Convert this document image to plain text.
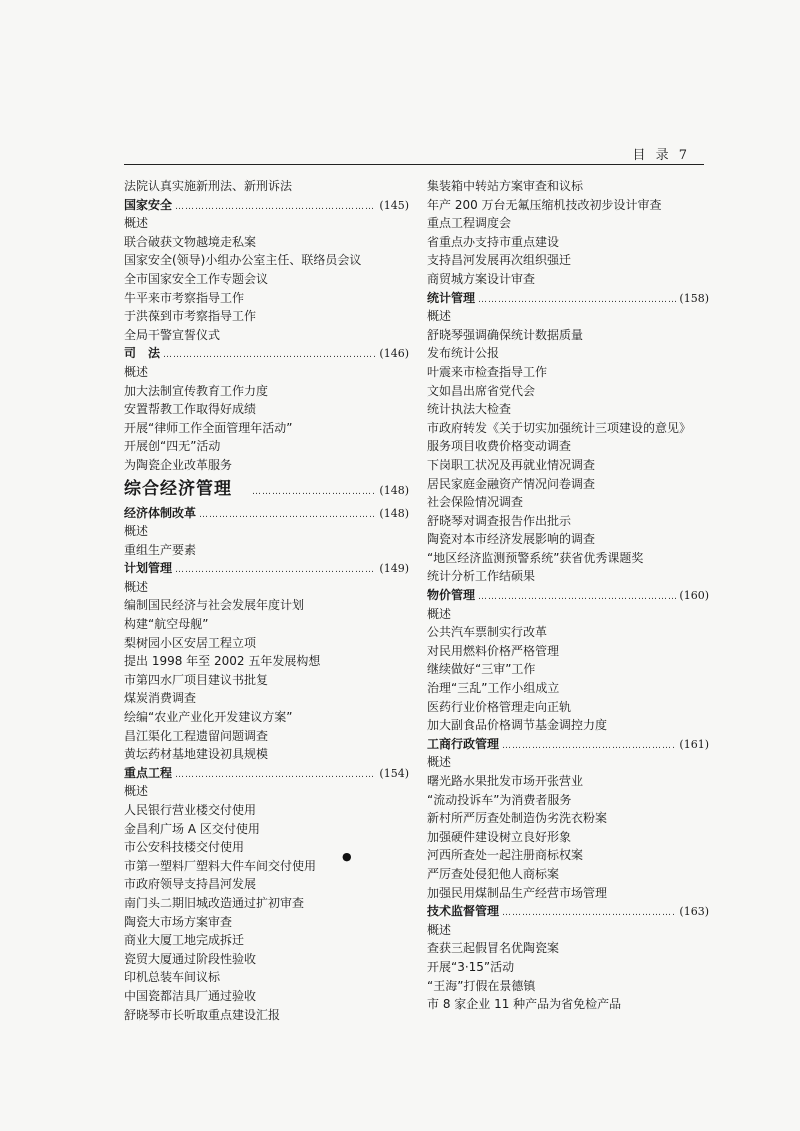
目 录 7
法院认真实施新刑法、新刑诉法
国家安全 …………………………………………………………………………………………………………………………	(145)
概述
联合破获文物越境走私案
国家安全(领导)小组办公室主任、联络员会议
全市国家安全工作专题会议
牛平来市考察指导工作
于洪葆到市考察指导工作
全局干警宣誓仪式
司　法 …………………………………………………………………………………………………………………………	(146)
概述
加大法制宣传教育工作力度
安置帮教工作取得好成绩
开展“律师工作全面管理年活动”
开展创“四无”活动
为陶瓷企业改革服务
综合经济管理 …………………………………………………………………………………………………………………………	(148)
经济体制改革 …………………………………………………………………………………………………………………………	(148)
概述
重组生产要素
计划管理 …………………………………………………………………………………………………………………………	(149)
概述
编制国民经济与社会发展年度计划
构建“航空母舰”
梨树园小区安居工程立项
提出 1998 年至 2002 五年发展构想
市第四水厂项目建议书批复
煤炭消费调查
绘编“农业产业化开发建议方案”
昌江渠化工程遗留问题调查
黄坛药材基地建设初具规模
重点工程 …………………………………………………………………………………………………………………………	(154)
概述
人民银行营业楼交付使用
金昌利广场 A 区交付使用
市公安科技楼交付使用
市第一塑料厂塑料大件车间交付使用
市政府领导支持昌河发展
南门头二期旧城改造通过扩初审查
陶瓷大市场方案审查
商业大厦工地完成拆迁
瓷贸大厦通过阶段性验收
印机总装车间议标
中国瓷都洁具厂通过验收
舒晓琴市长听取重点建设汇报
集装箱中转站方案审查和议标
年产 200 万台无氟压缩机技改初步设计审查
重点工程调度会
省重点办支持市重点建设
支持昌河发展再次组织强迁
商贸城方案设计审查
统计管理 …………………………………………………………………………………………………………………………	(158)
概述
舒晓琴强调确保统计数据质量
发布统计公报
叶震来市检查指导工作
文如昌出席省党代会
统计执法大检查
市政府转发《关于切实加强统计三项建设的意见》
服务项目收费价格变动调查
下岗职工状况及再就业情况调查
居民家庭金融资产情况问卷调查
社会保险情况调查
舒晓琴对调查报告作出批示
陶瓷对本市经济发展影响的调查
“地区经济监测预警系统”获省优秀课题奖
统计分析工作结硕果
物价管理 …………………………………………………………………………………………………………………………	(160)
概述
公共汽车票制实行改革
对民用燃料价格严格管理
继续做好“三审”工作
治理“三乱”工作小组成立
医药行业价格管理走向正轨
加大副食品价格调节基金调控力度
工商行政管理 …………………………………………………………………………………………………………………………	(161)
概述
曙光路水果批发市场开张营业
“流动投诉车”为消费者服务
新村所严厉查处制造伪劣洗衣粉案
加强硬件建设树立良好形象
河西所查处一起注册商标权案
严厉查处侵犯他人商标案
加强民用煤制品生产经营市场管理
技术监督管理 …………………………………………………………………………………………………………………………	(163)
概述
查获三起假冒名优陶瓷案
开展“3·15”活动
“王海”打假在景德镇
市 8 家企业 11 种产品为省免检产品
●
